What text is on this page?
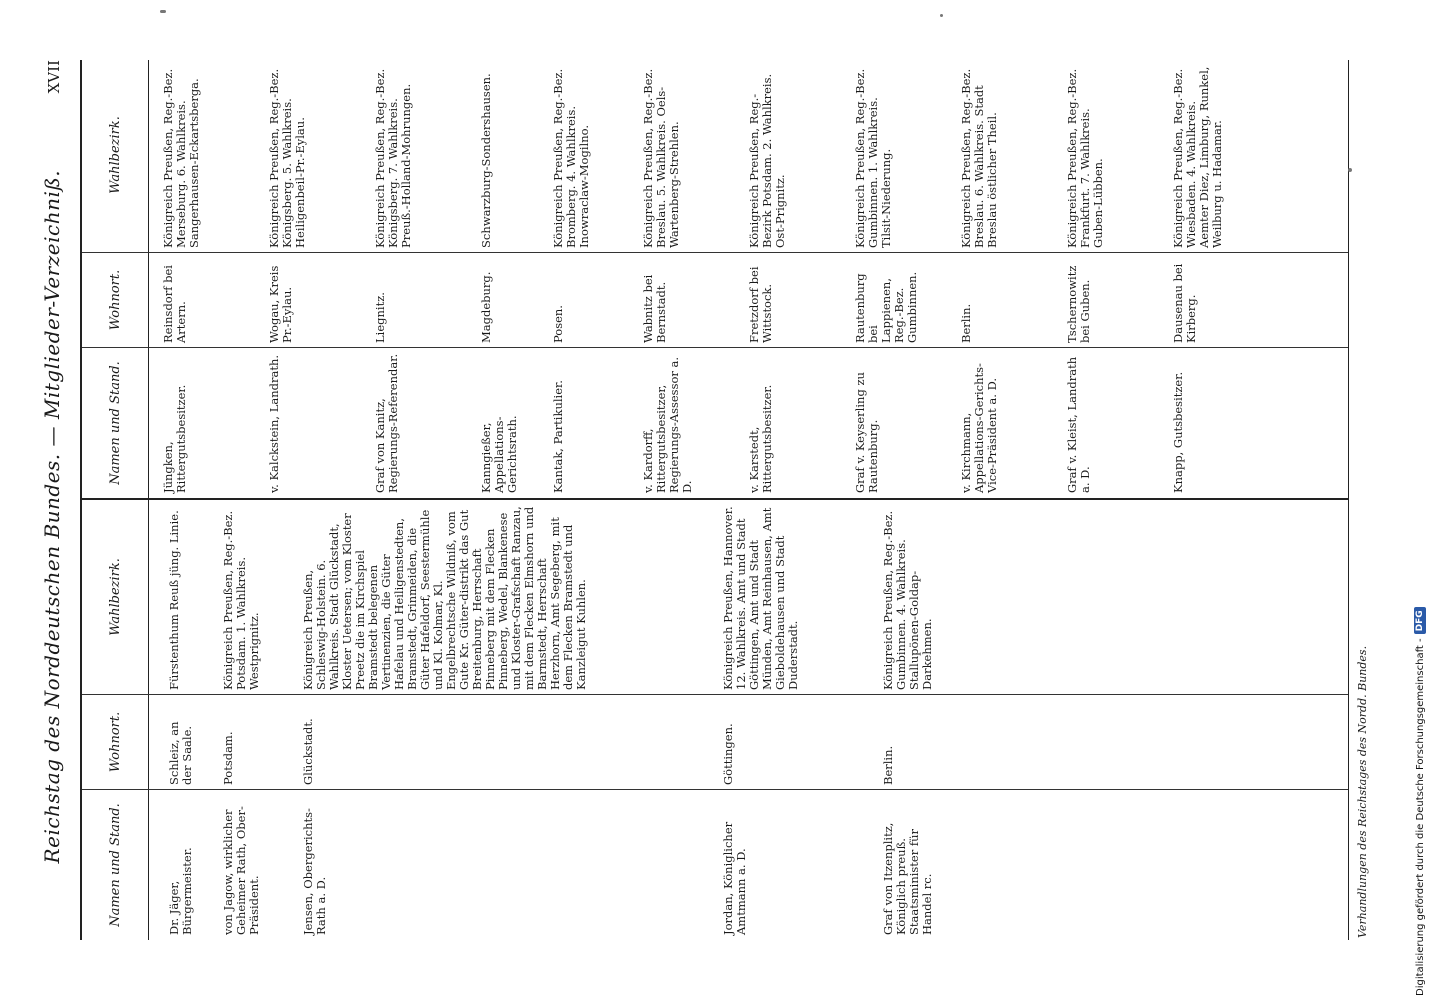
Reichstag des Norddeutschen Bundes. — Mitglieder-Verzeichniß.
XVII
Namen und Stand.
Wohnort.
Wahlbezirk.
Dr. Jäger, Bürgermeister.
Schleiz, an der Saale.
Fürstenthum Reuß jüng. Linie.
von Jagow, wirklicher Geheimer Rath, Ober-Präsident.
Potsdam.
Königreich Preußen, Reg.-Bez. Potsdam. 1. Wahlkreis. Westprignitz.
Jensen, Obergerichts-Rath a. D.
Glückstadt.
Königreich Preußen, Schleswig-Holstein. 6. Wahlkreis. Stadt Glückstadt, Kloster Uetersen; vom Kloster Preetz die im Kirchspiel Bramstedt belegenen Vertinenzien, die Güter Hafelau und Heiligenstedten, Bramstedt, Grinmeiden, die Güter Hafeldorf, Seestermühle und Kl. Kolmar, Kl. Engelbrechtsche Wildniß, vom Gute Kr. Güter-distrikt das Gut Breitenburg, Herrschaft Pinneberg mit dem Flecken Pinneberg, Wedel, Blankenese und Kloster-Grafschaft Ranzau, mit dem Flecken Elmshorn und Barmstedt, Herrschaft Herzhorn, Amt Segeberg, mit dem Flecken Bramstedt und Kanzleigut Kuhlen.
Jordan, Königlicher Amtmann a. D.
Göttingen.
Königreich Preußen, Hannover. 12. Wahlkreis. Amt und Stadt Göttingen, Amt und Stadt Münden, Amt Reinhausen, Amt Gieboldehausen und Stadt Duderstadt.
Graf von Itzenplitz, Königlich preuß. Staatsminister für Handel rc.
Berlin.
Königreich Preußen, Reg.-Bez. Gumbinnen. 4. Wahlkreis. Stallupönen-Goldap-Darkehmen.
Namen und Stand.
Wohnort.
Wahlbezirk.
Jüngken, Rittergutsbesitzer.
Reinsdorf bei Artern.
Königreich Preußen, Reg.-Bez. Merseburg. 6. Wahlkreis. Sangerhausen-Eckartsberga.
v. Kalckstein, Landrath.
Wogau, Kreis Pr.-Eylau.
Königreich Preußen, Reg.-Bez. Königsberg. 5. Wahlkreis. Heiligenbeil-Pr.-Eylau.
Graf von Kanitz, Regierungs-Referendar.
Liegnitz.
Königreich Preußen, Reg.-Bez. Königsberg. 7. Wahlkreis. Preuß.-Holland-Mohrungen.
Kanngießer, Appellations-Gerichtsrath.
Magdeburg.
Schwarzburg-Sondershausen.
Kantak, Partikulier.
Posen.
Königreich Preußen, Reg.-Bez. Bromberg. 4. Wahlkreis. Inowraclaw-Mogilno.
v. Kardorff, Rittergutsbesitzer, Regierungs-Assessor a. D.
Wabnitz bei Bernstadt.
Königreich Preußen, Reg.-Bez. Breslau. 5. Wahlkreis. Oels-Wartenberg-Strehlen.
v. Karstedt, Rittergutsbesitzer.
Fretzdorf bei Wittstock.
Königreich Preußen, Reg.-Bezirk Potsdam. 2. Wahlkreis. Ost-Prignitz.
Graf v. Keyserling zu Rautenburg.
Rautenburg bei Lappienen, Reg.-Bez. Gumbinnen.
Königreich Preußen, Reg.-Bez. Gumbinnen. 1. Wahlkreis. Tilsit-Niederung.
v. Kirchmann, Appellations-Gerichts-Vice-Präsident a. D.
Berlin.
Königreich Preußen, Reg.-Bez. Breslau. 6. Wahlkreis. Stadt Breslau östlicher Theil.
Graf v. Kleist, Landrath a. D.
Tschernowitz bei Guben.
Königreich Preußen, Reg.-Bez. Frankfurt. 7. Wahlkreis. Guben-Lübben.
Knapp, Gutsbesitzer.
Dausenau bei Kirberg.
Königreich Preußen, Reg.-Bez. Wiesbaden. 4. Wahlkreis. Aemter Diez, Limburg, Runkel, Weilburg u. Hadamar.
Verhandlungen des Reichstages des Nordd. Bundes.	Digitalisierung gefördert durch die Deutsche Forschungsgemeinschaft -
DFG
